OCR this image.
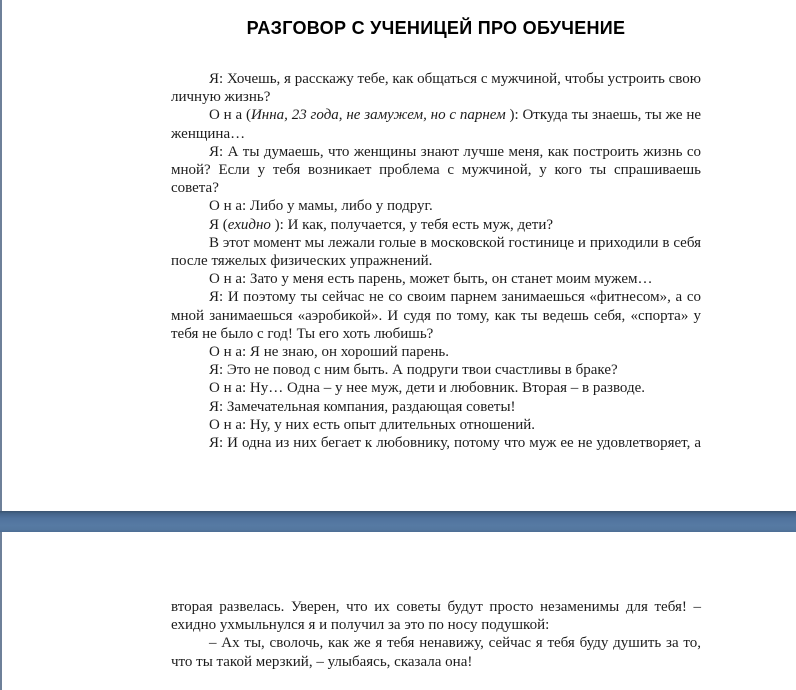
РАЗГОВОР С УЧЕНИЦЕЙ ПРО ОБУЧЕНИЕ

Я: Хочешь, я расскажу тебе, как общаться с мужчиной, чтобы устроить свою личную жизнь?

О н а (Инна, 23 года, не замужем, но с парнем ): Откуда ты знаешь, ты же не женщина…

Я: А ты думаешь, что женщины знают лучше меня, как построить жизнь со мной? Если у тебя возникает проблема с мужчиной, у кого ты спрашиваешь совета?

О н а: Либо у мамы, либо у подруг.

Я (ехидно ): И как, получается, у тебя есть муж, дети?

В этот момент мы лежали голые в московской гостинице и приходили в себя после тяжелых физических упражнений.

О н а: Зато у меня есть парень, может быть, он станет моим мужем…

Я: И поэтому ты сейчас не со своим парнем занимаешься «фитнесом», а со мной занимаешься «аэробикой». И судя по тому, как ты ведешь себя, «спорта» у тебя не было с год! Ты его хоть любишь?

О н а: Я не знаю, он хороший парень.

Я: Это не повод с ним быть. А подруги твои счастливы в браке?

О н а: Ну… Одна – у нее муж, дети и любовник. Вторая – в разводе.

Я: Замечательная компания, раздающая советы!

О н а: Ну, у них есть опыт длительных отношений.

Я: И одна из них бегает к любовнику, потому что муж ее не удовлетворяет, а

вторая развелась. Уверен, что их советы будут просто незаменимы для тебя! – ехидно ухмыльнулся я и получил за это по носу подушкой:

– Ах ты, сволочь, как же я тебя ненавижу, сейчас я тебя буду душить за то, что ты такой мерзкий, – улыбаясь, сказала она!
